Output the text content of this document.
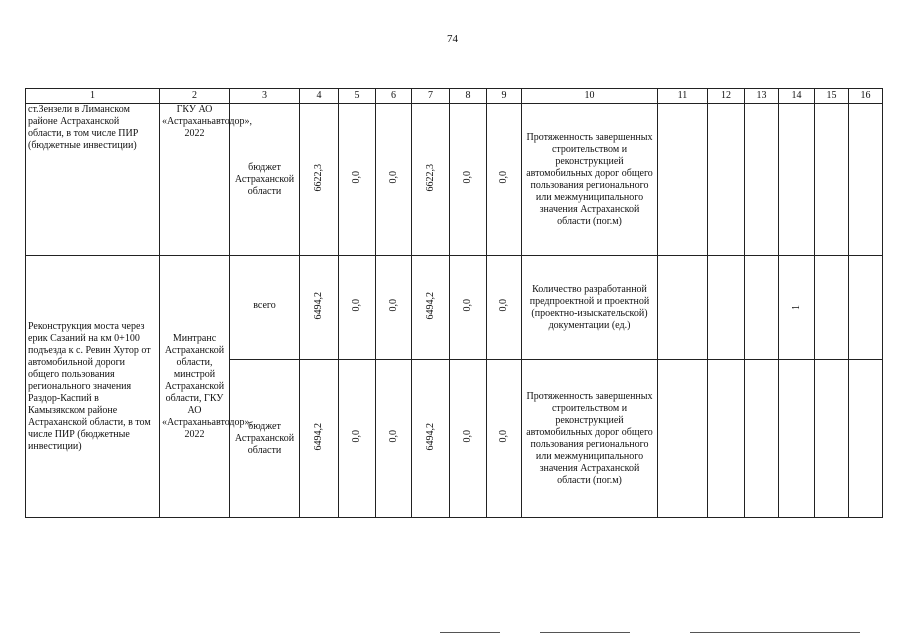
74
1	2	3	4	5	6	7	8	9	10	11	12	13	14	15	16
ст.Зензели в Лиманском районе Астраханской области, в том числе ПИР (бюджетные инвестиции)	ГКУ АО «Астраханьавтодор», 2022	бюджет Астраханской области	6622,3	0,0	0,0	6622,3	0,0	0,0	Протяженность завершенных строительством и реконструкцией автомобильных дорог общего пользования регионального или межмуниципального значения Астраханской области (пог.м)						
Реконструкция моста через ерик Сазаний на км 0+100 подъезда к с. Ревин Хутор от автомобильной дороги общего пользования регионального значения Раздор-Каспий в Камызякском районе Астраханской области, в том числе ПИР (бюджетные инвестиции)	Минтранс Астраханской области, минстрой Астраханской области, ГКУ АО «Астраханьавтодор», 2022	всего	6494,2	0,0	0,0	6494,2	0,0	0,0	Количество разработанной предпроектной и проектной (проектно-изыскательской) документации (ед.)				1		
		бюджет Астраханской области	6494,2	0,0	0,0	6494,2	0,0	0,0	Протяженность завершенных строительством и реконструкцией автомобильных дорог общего пользования регионального или межмуниципального значения Астраханской области (пог.м)						
